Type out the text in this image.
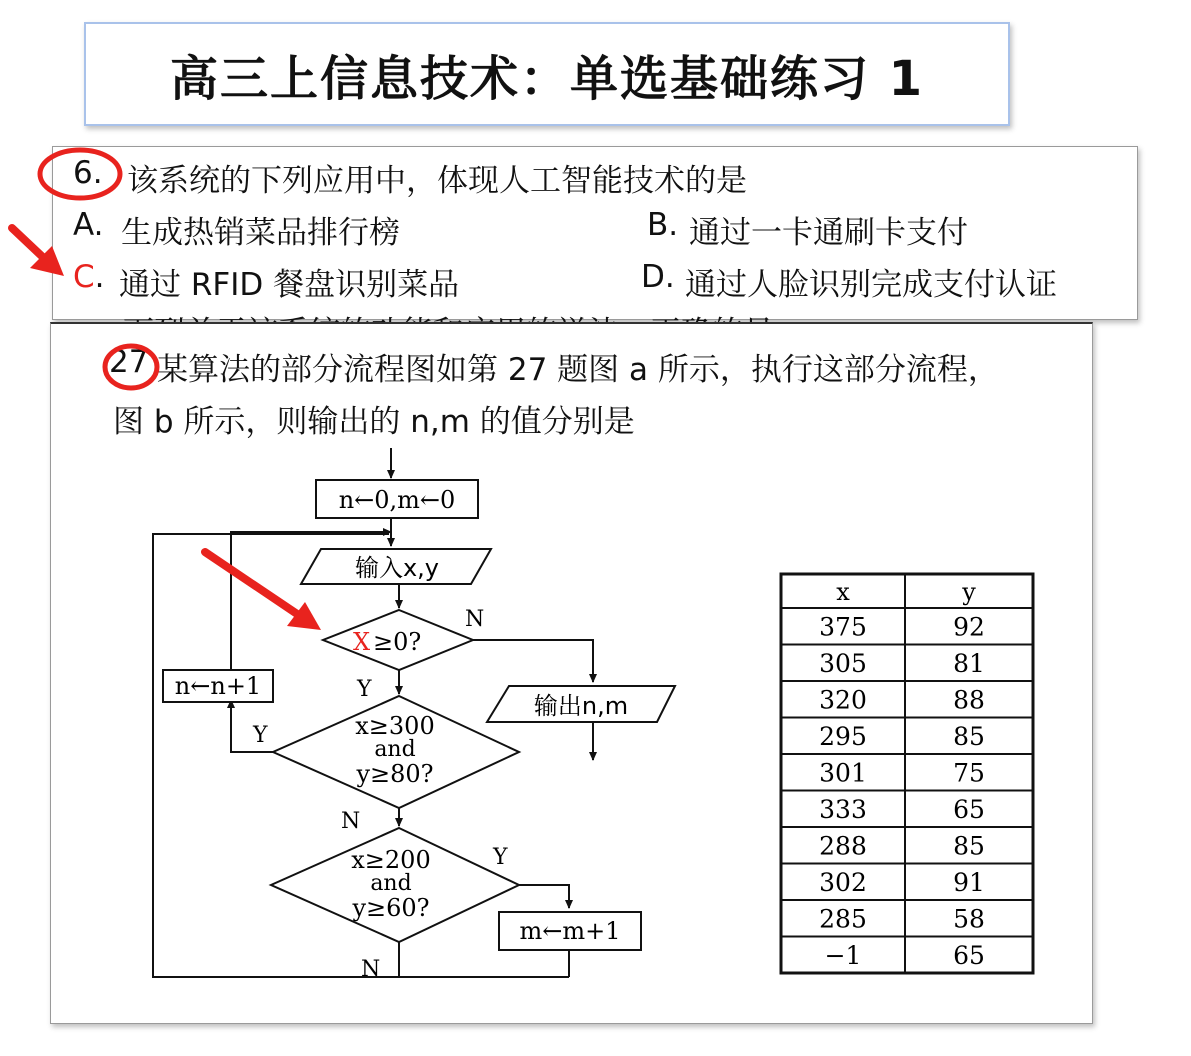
高三上信息技术：单选基础练习 1
6. 该系统的下列应用中，体现人工智能技术的是
A. 生成热销菜品排行榜	B. 通过一卡通刷卡支付
C. 通过 RFID 餐盘识别菜品	D. 通过人脸识别完成支付认证
27 某算法的部分流程图如第 27 题图 a 所示，执行这部分流程，
图 b 所示，则输出的 n,m 的值分别是
n←0,m←0
输入x,y
X ≥0?
N
Y
输出n,m
x≥300
and
y≥80?
Y
N
n←n+1
x≥200
and
y≥60?
Y
N
m←m+1
x	y
375	92
305	81
320	88
295	85
301	75
333	65
288	85
302	91
285	58
−1	65
